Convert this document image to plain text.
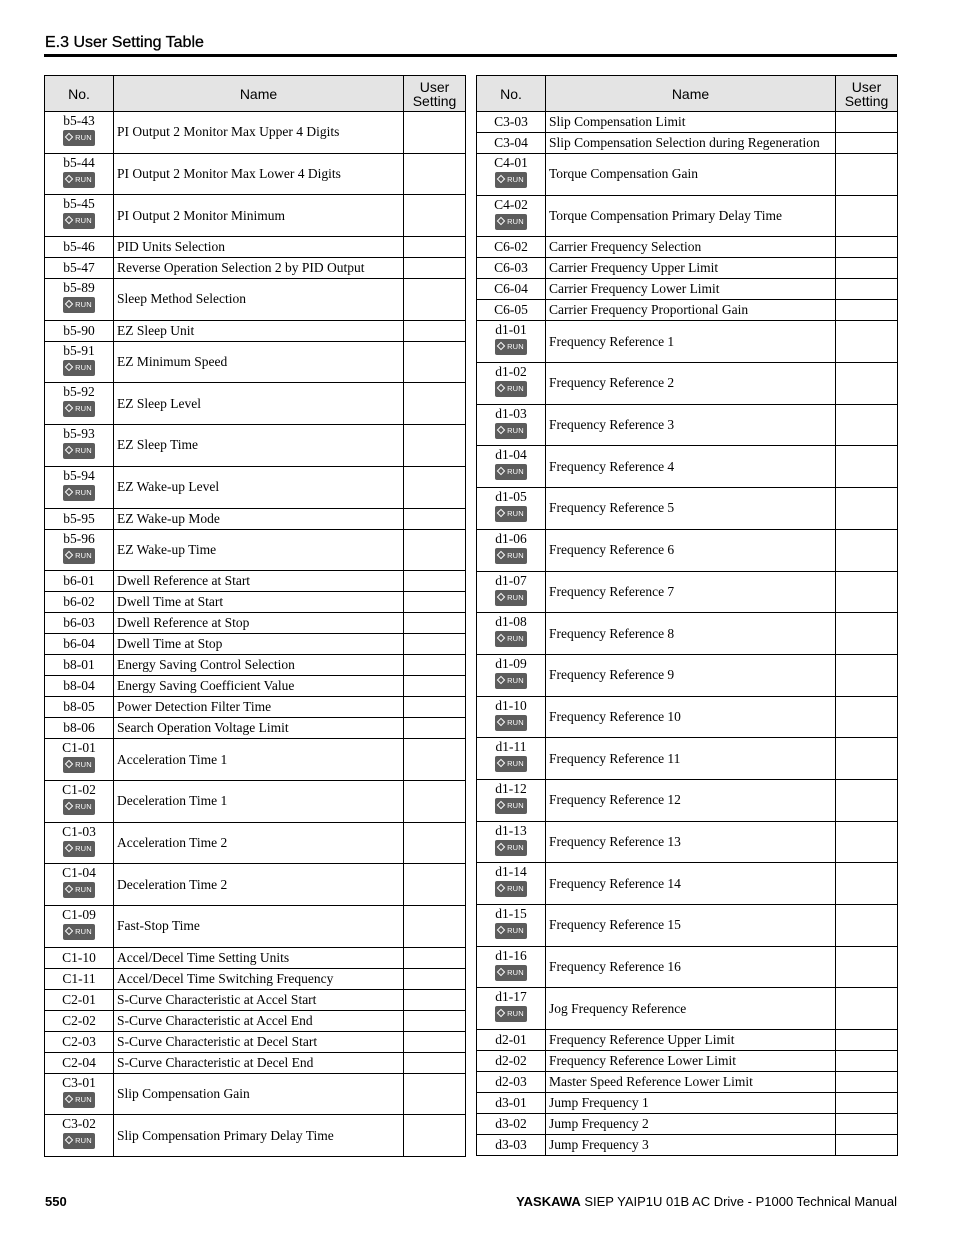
E.3 User Setting Table
No.	Name	User
Setting

b5-43
RUN	PI Output 2 Monitor Max Upper 4 Digits	

b5-44
RUN	PI Output 2 Monitor Max Lower 4 Digits	

b5-45
RUN	PI Output 2 Monitor Minimum	

b5-46	PID Units Selection	

b5-47	Reverse Operation Selection 2 by PID Output	

b5-89
RUN	Sleep Method Selection	

b5-90	EZ Sleep Unit	

b5-91
RUN	EZ Minimum Speed	

b5-92
RUN	EZ Sleep Level	

b5-93
RUN	EZ Sleep Time	

b5-94
RUN	EZ Wake-up Level	

b5-95	EZ Wake-up Mode	

b5-96
RUN	EZ Wake-up Time	

b6-01	Dwell Reference at Start	

b6-02	Dwell Time at Start	

b6-03	Dwell Reference at Stop	

b6-04	Dwell Time at Stop	

b8-01	Energy Saving Control Selection	

b8-04	Energy Saving Coefficient Value	

b8-05	Power Detection Filter Time	

b8-06	Search Operation Voltage Limit	

C1-01
RUN	Acceleration Time 1	

C1-02
RUN	Deceleration Time 1	

C1-03
RUN	Acceleration Time 2	

C1-04
RUN	Deceleration Time 2	

C1-09
RUN	Fast-Stop Time	

C1-10	Accel/Decel Time Setting Units	

C1-11	Accel/Decel Time Switching Frequency	

C2-01	S-Curve Characteristic at Accel Start	

C2-02	S-Curve Characteristic at Accel End	

C2-03	S-Curve Characteristic at Decel Start	

C2-04	S-Curve Characteristic at Decel End	

C3-01
RUN	Slip Compensation Gain	

C3-02
RUN	Slip Compensation Primary Delay Time	
No.	Name	User
Setting

C3-03	Slip Compensation Limit	

C3-04	Slip Compensation Selection during Regeneration	

C4-01
RUN	Torque Compensation Gain	

C4-02
RUN	Torque Compensation Primary Delay Time	

C6-02	Carrier Frequency Selection	

C6-03	Carrier Frequency Upper Limit	

C6-04	Carrier Frequency Lower Limit	

C6-05	Carrier Frequency Proportional Gain	

d1-01
RUN	Frequency Reference 1	

d1-02
RUN	Frequency Reference 2	

d1-03
RUN	Frequency Reference 3	

d1-04
RUN	Frequency Reference 4	

d1-05
RUN	Frequency Reference 5	

d1-06
RUN	Frequency Reference 6	

d1-07
RUN	Frequency Reference 7	

d1-08
RUN	Frequency Reference 8	

d1-09
RUN	Frequency Reference 9	

d1-10
RUN	Frequency Reference 10	

d1-11
RUN	Frequency Reference 11	

d1-12
RUN	Frequency Reference 12	

d1-13
RUN	Frequency Reference 13	

d1-14
RUN	Frequency Reference 14	

d1-15
RUN	Frequency Reference 15	

d1-16
RUN	Frequency Reference 16	

d1-17
RUN	Jog Frequency Reference	

d2-01	Frequency Reference Upper Limit	

d2-02	Frequency Reference Lower Limit	

d2-03	Master Speed Reference Lower Limit	

d3-01	Jump Frequency 1	

d3-02	Jump Frequency 2	

d3-03	Jump Frequency 3	
550	YASKAWA SIEP YAIP1U 01B AC Drive - P1000 Technical Manual
